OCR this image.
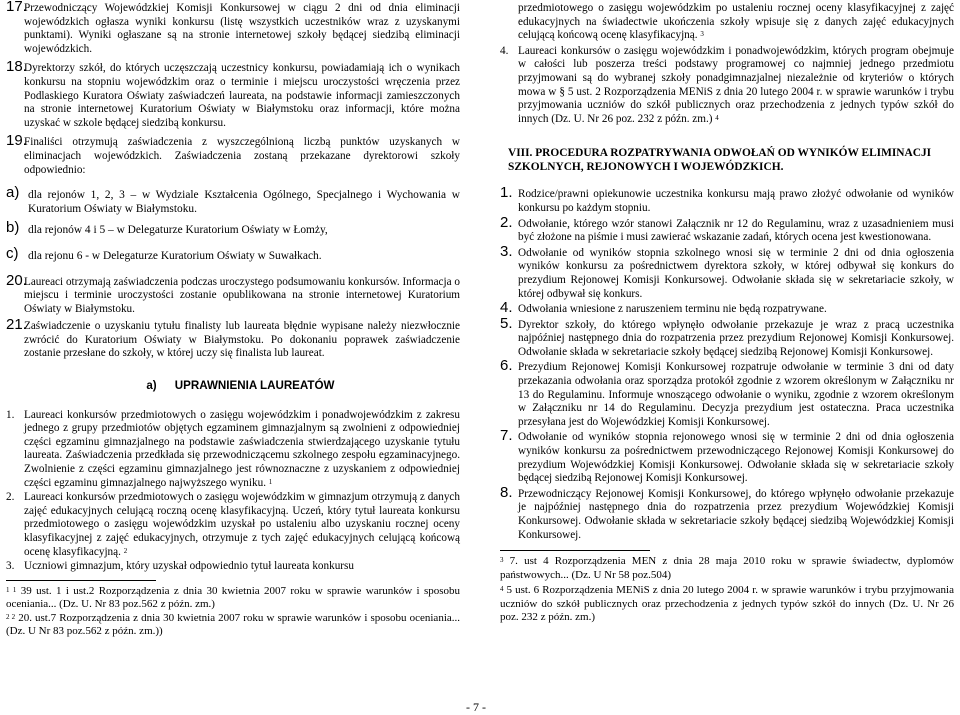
17.
Przewodniczący Wojewódzkiej Komisji Konkursowej w ciągu 2 dni od dnia eliminacji wojewódzkich ogłasza wyniki konkursu (listę wszystkich uczestników wraz z uzyskanymi punktami). Wyniki ogłaszane są na stronie internetowej szkoły będącej siedzibą eliminacji wojewódzkich.
18.
Dyrektorzy szkół, do których uczęszczają uczestnicy konkursu, powiadamiają ich o wynikach konkursu na stopniu wojewódzkim oraz o terminie i miejscu uroczystości wręczenia przez Podlaskiego Kuratora Oświaty zaświadczeń laureata, na podstawie informacji zamieszczonych na stronie internetowej Kuratorium Oświaty w Białymstoku oraz informacji, które można uzyskać w szkole będącej siedzibą konkursu.
19.
Finaliści otrzymują zaświadczenia z wyszczególnioną liczbą punktów uzyskanych w eliminacjach wojewódzkich. Zaświadczenia zostaną przekazane dyrektorowi szkoły odpowiednio:
a) dla rejonów 1, 2, 3 – w Wydziale Kształcenia Ogólnego, Specjalnego i Wychowania w Kuratorium Oświaty w Białymstoku.
b) dla rejonów 4 i 5 – w Delegaturze Kuratorium Oświaty w Łomży,
c) dla rejonu 6 - w Delegaturze Kuratorium Oświaty w Suwałkach.
20.
Laureaci otrzymają zaświadczenia podczas uroczystego podsumowaniu konkursów. Informacja o miejscu i terminie uroczystości zostanie opublikowana na stronie internetowej Kuratorium Oświaty w Białymstoku.
21.
Zaświadczenie o uzyskaniu tytułu finalisty lub laureata błędnie wypisane należy niezwłocznie zwrócić do Kuratorium Oświaty w Białymstoku. Po dokonaniu poprawek zaświadczenie zostanie przesłane do szkoły, w której uczy się finalista lub laureat.
a) UPRAWNIENIA LAUREATÓW
1. Laureaci konkursów przedmiotowych o zasięgu wojewódzkim i ponadwojewódzkim z zakresu jednego z grupy przedmiotów objętych egzaminem gimnazjalnym są zwolnieni z odpowiedniej części egzaminu gimnazjalnego na podstawie zaświadczenia stwierdzającego uzyskanie tytułu laureata. Zaświadczenia przedkłada się przewodniczącemu szkolnego zespołu egzaminacyjnego. Zwolnienie z części egzaminu gimnazjalnego jest równoznaczne z uzyskaniem z odpowiedniej części egzaminu gimnazjalnego najwyższego wyniku. $^1$
2. Laureaci konkursów przedmiotowych o zasięgu wojewódzkim w gimnazjum otrzymują z danych zajęć edukacyjnych celującą roczną ocenę klasyfikacyjną. Uczeń, który tytuł laureata konkursu przedmiotowego o zasięgu wojewódzkim uzyskał po ustaleniu albo uzyskaniu rocznej oceny klasyfikacyjnej z zajęć edukacyjnych, otrzymuje z tych zajęć edukacyjnych celującą końcową ocenę klasyfikacyjną. $^2$
3. Uczniowi gimnazjum, który uzyskał odpowiednio tytuł laureata konkursu
$^{1 1}$ 39 ust. 1 i ust.2 Rozporządzenia z dnia 30 kwietnia 2007 roku w sprawie warunków i sposobu oceniania... (Dz. U. Nr 83 poz.562 z późn. zm.)
$^{2 2}$ 20. ust.7 Rozporządzenia z dnia 30 kwietnia 2007 roku w sprawie warunków i sposobu oceniania... (Dz. U Nr 83 poz.562 z późn. zm.))
przedmiotowego o zasięgu wojewódzkim po ustaleniu rocznej oceny klasyfikacyjnej z zajęć edukacyjnych na świadectwie ukończenia szkoły wpisuje się z danych zajęć edukacyjnych celującą końcową ocenę klasyfikacyjną. $^3$
4. Laureaci konkursów o zasięgu wojewódzkim i ponadwojewódzkim, których program obejmuje w całości lub poszerza treści podstawy programowej co najmniej jednego przedmiotu przyjmowani są do wybranej szkoły ponadgimnazjalnej niezależnie od kryteriów o których mowa w § 5 ust. 2 Rozporządzenia MENiS z dnia 20 lutego 2004 r. w sprawie warunków i trybu przyjmowania uczniów do szkół publicznych oraz przechodzenia z jednych typów szkół do innych (Dz. U. Nr 26 poz. 232 z późn. zm.) $^4$
VIII. PROCEDURA ROZPATRYWANIA ODWOŁAŃ OD WYNIKÓW ELIMINACJI SZKOLNYCH, REJONOWYCH I WOJEWÓDZKICH.
1. Rodzice/prawni opiekunowie uczestnika konkursu mają prawo złożyć odwołanie od wyników konkursu po każdym stopniu.
2. Odwołanie, którego wzór stanowi Załącznik nr 12 do Regulaminu, wraz z uzasadnieniem musi być złożone na piśmie i musi zawierać wskazanie zadań, których ocena jest kwestionowana.
3. Odwołanie od wyników stopnia szkolnego wnosi się w terminie 2 dni od dnia ogłoszenia wyników konkursu za pośrednictwem dyrektora szkoły, w której odbywał się konkurs do prezydium Rejonowej Komisji Konkursowej. Odwołanie składa się w sekretariacie szkoły, w której odbywał się konkurs.
4. Odwołania wniesione z naruszeniem terminu nie będą rozpatrywane.
5. Dyrektor szkoły, do którego wpłynęło odwołanie przekazuje je wraz z pracą uczestnika najpóźniej następnego dnia do rozpatrzenia przez prezydium Rejonowej Komisji Konkursowej. Odwołanie składa w sekretariacie szkoły będącej siedzibą Rejonowej Komisji Konkursowej.
6. Prezydium Rejonowej Komisji Konkursowej rozpatruje odwołanie w terminie 3 dni od daty przekazania odwołania oraz sporządza protokół zgodnie z wzorem określonym w Załączniku nr 13 do Regulaminu. Informuje wnoszącego odwołanie o wyniku, zgodnie z wzorem określonym w Załączniku nr 14 do Regulaminu. Decyzja prezydium jest ostateczna. Praca uczestnika przesyłana jest do Wojewódzkiej Komisji Konkursowej.
7. Odwołanie od wyników stopnia rejonowego wnosi się w terminie 2 dni od dnia ogłoszenia wyników konkursu za pośrednictwem przewodniczącego Rejonowej Komisji Konkursowej do prezydium Wojewódzkiej Komisji Konkursowej. Odwołanie składa się w sekretariacie szkoły będącej siedzibą Rejonowej Komisji Konkursowej.
8. Przewodniczący Rejonowej Komisji Konkursowej, do którego wpłynęło odwołanie przekazuje je najpóźniej następnego dnia do rozpatrzenia przez prezydium Wojewódzkiej Komisji Konkursowej. Odwołanie składa w sekretariacie szkoły będącej siedzibą Wojewódzkiej Komisji Konkursowej.
$^3$ 7. ust 4 Rozporządzenia MEN z dnia 28 maja 2010 roku w sprawie świadectw, dyplomów państwowych... (Dz. U Nr 58 poz.504)
$^4$ 5 ust. 6 Rozporządzenia MENiS z dnia 20 lutego 2004 r. w sprawie warunków i trybu przyjmowania uczniów do szkół publicznych oraz przechodzenia z jednych typów szkół do innych (Dz. U. Nr 26 poz. 232 z późn. zm.)
- 7 -
